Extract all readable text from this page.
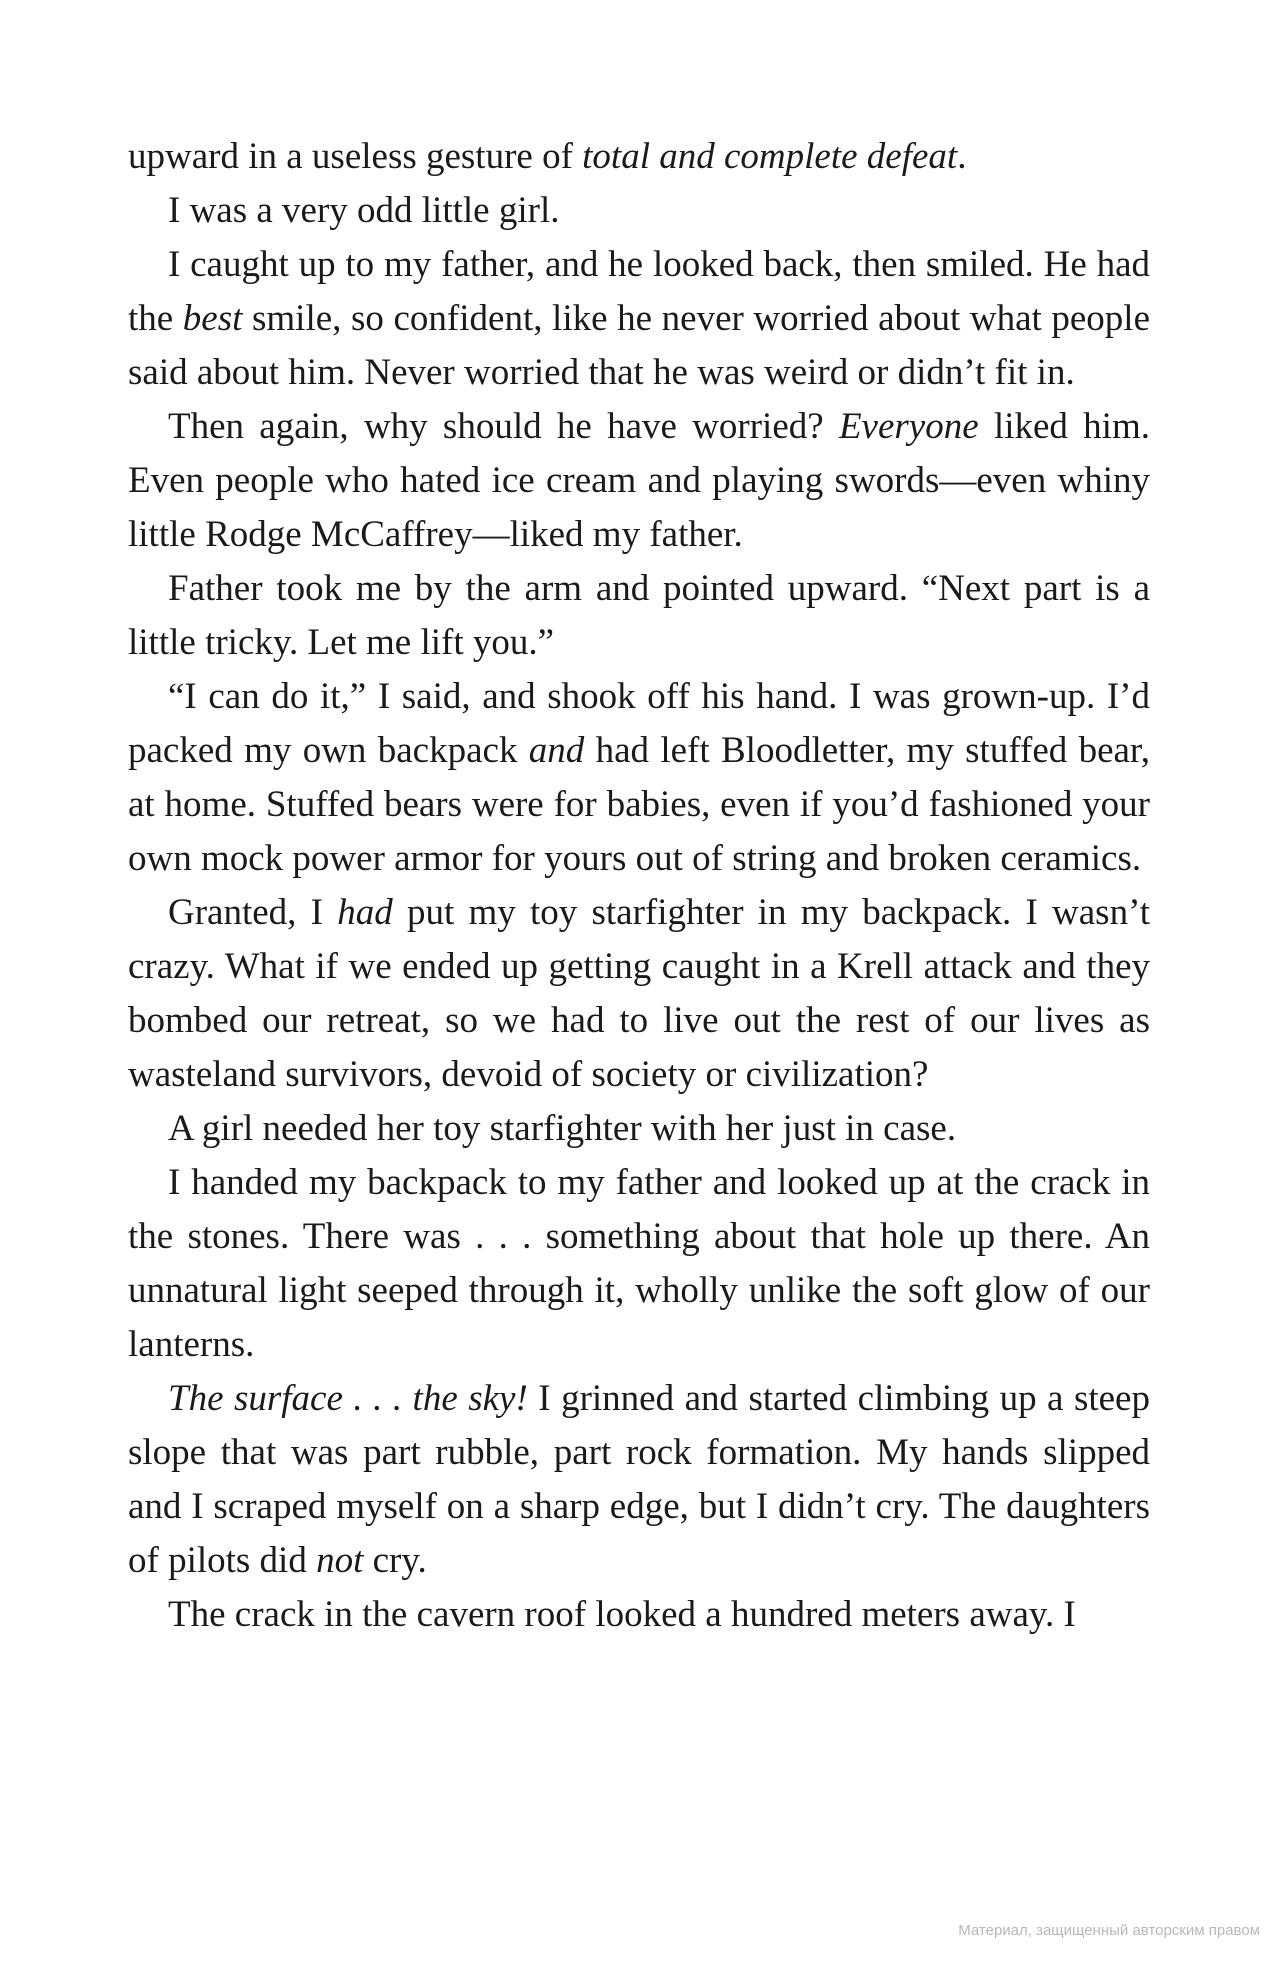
upward in a useless gesture of total and complete defeat.

I was a very odd little girl.

I caught up to my father, and he looked back, then smiled. He had the best smile, so confident, like he never worried about what people said about him. Never worried that he was weird or didn’t fit in.

Then again, why should he have worried? Everyone liked him. Even people who hated ice cream and playing swords—even whiny little Rodge McCaffrey—liked my father.

Father took me by the arm and pointed upward. “Next part is a little tricky. Let me lift you.”

“I can do it,” I said, and shook off his hand. I was grown-up. I’d packed my own backpack and had left Bloodletter, my stuffed bear, at home. Stuffed bears were for babies, even if you’d fashioned your own mock power armor for yours out of string and broken ceramics.

Granted, I had put my toy starfighter in my backpack. I wasn’t crazy. What if we ended up getting caught in a Krell attack and they bombed our retreat, so we had to live out the rest of our lives as wasteland survivors, devoid of society or civilization?

A girl needed her toy starfighter with her just in case.

I handed my backpack to my father and looked up at the crack in the stones. There was . . . something about that hole up there. An unnatural light seeped through it, wholly unlike the soft glow of our lanterns.

The surface . . . the sky! I grinned and started climbing up a steep slope that was part rubble, part rock formation. My hands slipped and I scraped myself on a sharp edge, but I didn’t cry. The daughters of pilots did not cry.

The crack in the cavern roof looked a hundred meters away. I

Материал, защищенный авторским правом
